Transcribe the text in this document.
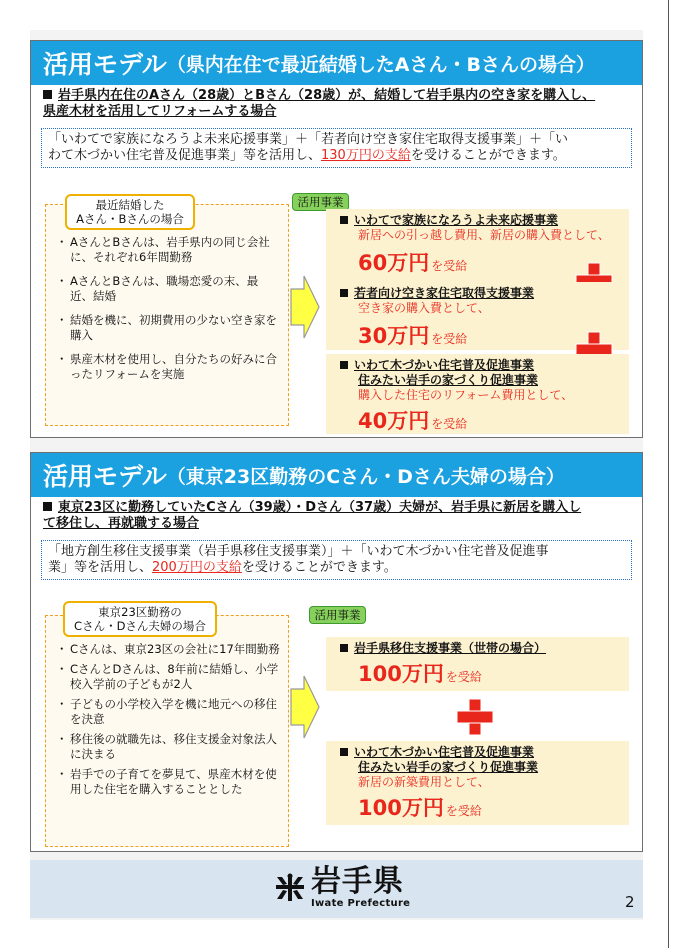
活用モデル （県内在住で最近結婚したAさん・Bさんの場合）
岩手県内在住のAさん（28歳）とBさん（28歳）が、結婚して岩手県内の空き家を購入し、
県産木材を活用してリフォームする場合
「いわてで家族になろうよ未来応援事業」＋「若者向け空き家住宅取得支援事業」＋「い
わて木づかい住宅普及促進事業」等を活用し、130万円の支給を受けることができます。
・ AさんとBさんは、岩手県内の同じ会社に、それぞれ6年間勤務
・ AさんとBさんは、職場恋愛の末、最近、結婚
・ 結婚を機に、初期費用の少ない空き家を購入
・ 県産木材を使用し、自分たちの好みに合ったリフォームを実施
最近結婚した
Aさん・Bさんの場合
活用事業
いわてで家族になろうよ未来応援事業
新居への引っ越し費用、新居の購入費として、
60万円 を受給
若者向け空き家住宅取得支援事業
空き家の購入費として、
30万円 を受給
いわて木づかい住宅普及促進事業
住みたい岩手の家づくり促進事業
購入した住宅のリフォーム費用として、
40万円 を受給
活用モデル （東京23区勤務のCさん・Dさん夫婦の場合）
東京23区に勤務していたCさん（39歳）・Dさん（37歳）夫婦が、岩手県に新居を購入し
て移住し、再就職する場合
「地方創生移住支援事業（岩手県移住支援事業）」＋「いわて木づかい住宅普及促進事
業」等を活用し、200万円の支給を受けることができます。
・ Cさんは、東京23区の会社に17年間勤務
・ CさんとDさんは、8年前に結婚し、小学校入学前の子どもが2人
・ 子どもの小学校入学を機に地元への移住を決意
・ 移住後の就職先は、移住支援金対象法人に決まる
・ 岩手での子育てを夢見て、県産木材を使用した住宅を購入することとした
東京23区勤務の
Cさん・Dさん夫婦の場合
活用事業
岩手県移住支援事業（世帯の場合）
100万円 を受給
いわて木づかい住宅普及促進事業
住みたい岩手の家づくり促進事業
新居の新築費用として、
100万円 を受給
岩手県
Iwate Prefecture	2
